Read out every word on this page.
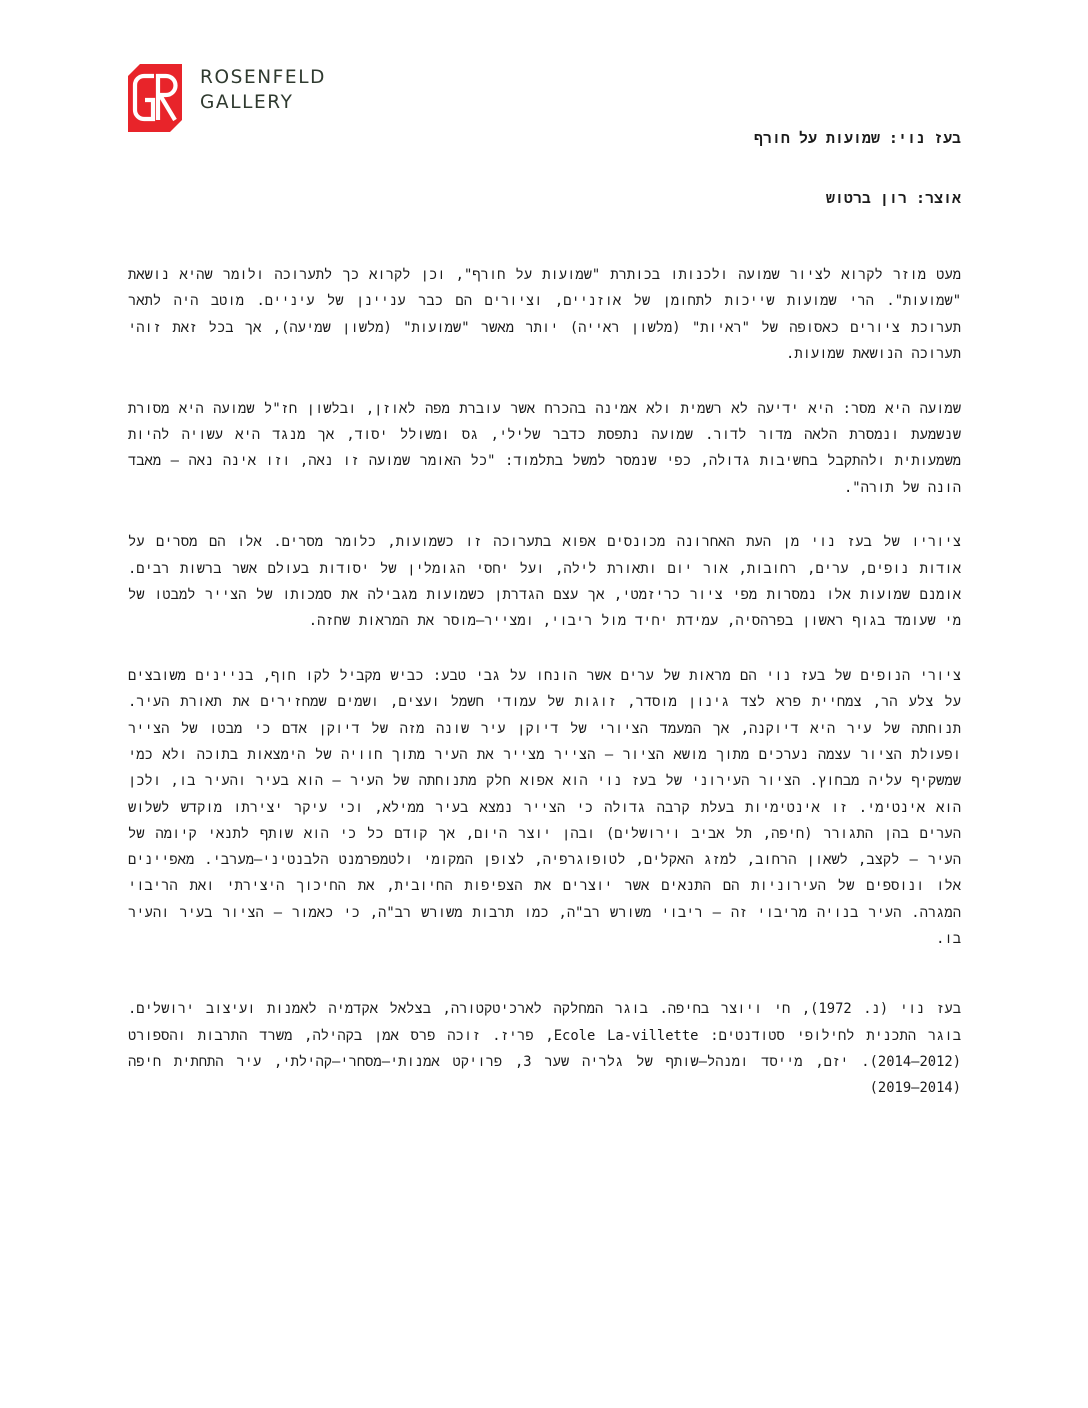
ROSENFELD
GALLERY
בעז נוי: שמועות על חורף
אוצר: רון ברטוש

מעט מוזר לקרוא לציור שמועה ולכנותו בכותרת "שמועות על חורף", וכן לקרוא כך לתערוכה ולומר שהיא נושאת "שמועות". הרי שמועות שייכות לתחומן של אוזניים, וציורים הם כבר עניינן של עיניים. מוטב היה לתאר תערוכת ציורים כאסופה של "ראיות" (מלשון ראייה) יותר מאשר "שמועות" (מלשון שמיעה), אך בכל זאת זוהי תערוכה הנושאת שמועות.

שמועה היא מסר: היא ידיעה לא רשמית ולא אמינה בהכרח אשר עוברת מפה לאוזן, ובלשון חז"ל שמועה היא מסורת שנשמעת ונמסרת הלאה מדור לדור. שמועה נתפסת כדבר שלילי, גס ומשולל יסוד, אך מנגד היא עשויה להיות משמעותית ולהתקבל בחשיבות גדולה, כפי שנמסר למשל בתלמוד: "כל האומר שמועה זו נאה, וזו אינה נאה – מאבד הונה של תורה".

ציוריו של בעז נוי מן העת האחרונה מכונסים אפוא בתערוכה זו כשמועות, כלומר מסרים. אלו הם מסרים על אודות נופים, ערים, רחובות, אור יום ותאורת לילה, ועל יחסי הגומלין של יסודות בעולם אשר ברשות רבים. אומנם שמועות אלו נמסרות מפי ציור כריזמטי, אך עצם הגדרתן כשמועות מגבילה את סמכותו של הצייר למבטו של מי שעומד בגוף ראשון בפרהסיה, עמידת יחיד מול ריבוי, ומצייר–מוסר את המראות שחזה.

ציורי הנופים של בעז נוי הם מראות של ערים אשר הונחו על גבי טבע: כביש מקביל לקו חוף, בניינים משובצים על צלע הר, צמחיית פרא לצד גינון מוסדר, זוגות של עמודי חשמל ועצים, ושמים שמחזירים את תאורת העיר. תנוחתה של עיר היא דיוקנה, אך המעמד הציורי של דיוקן עיר שונה מזה של דיוקן אדם כי מבטו של הצייר ופעולת הציור עצמה נערכים מתוך מושא הציור – הצייר מצייר את העיר מתוך חוויה של הימצאות בתוכה ולא כמי שמשקיף עליה מבחוץ. הציור העירוני של בעז נוי הוא אפוא חלק מתנוחתה של העיר – הוא בעיר והעיר בו, ולכן הוא אינטימי. זו אינטימיות בעלת קרבה גדולה כי הצייר נמצא בעיר ממילא, וכי עיקר יצירתו מוקדש לשלוש הערים בהן התגורר (חיפה, תל אביב וירושלים) ובהן יוצר היום, אך קודם כל כי הוא שותף לתנאי קיומה של העיר – לקצב, לשאון הרחוב, למזג האקלים, לטופוגרפיה, לצופן המקומי ולטמפרמנט הלבנטיני–מערבי. מאפיינים אלו ונוספים של העירוניות הם התנאים אשר יוצרים את הצפיפות החיובית, את החיכוך היצירתי ואת הריבוי המגרה. העיר בנויה מריבוי זה – ריבוי משורש רב"ה, כמו תרבות משורש רב"ה, כי כאמור – הציור בעיר והעיר בו.

בעז נוי (נ. 1972), חי ויוצר בחיפה. בוגר המחלקה לארכיטקטורה, בצלאל אקדמיה לאמנות ועיצוב ירושלים. בוגר התכנית לחילופי סטודנטים: Ecole La-villette, פריז. זוכה פרס אמן בקהילה, משרד התרבות והספורט (2012–2014). יזם, מייסד ומנהל–שותף של גלריה שער 3, פרויקט אמנותי–מסחרי–קהילתי, עיר התחתית חיפה (2014–2019)
